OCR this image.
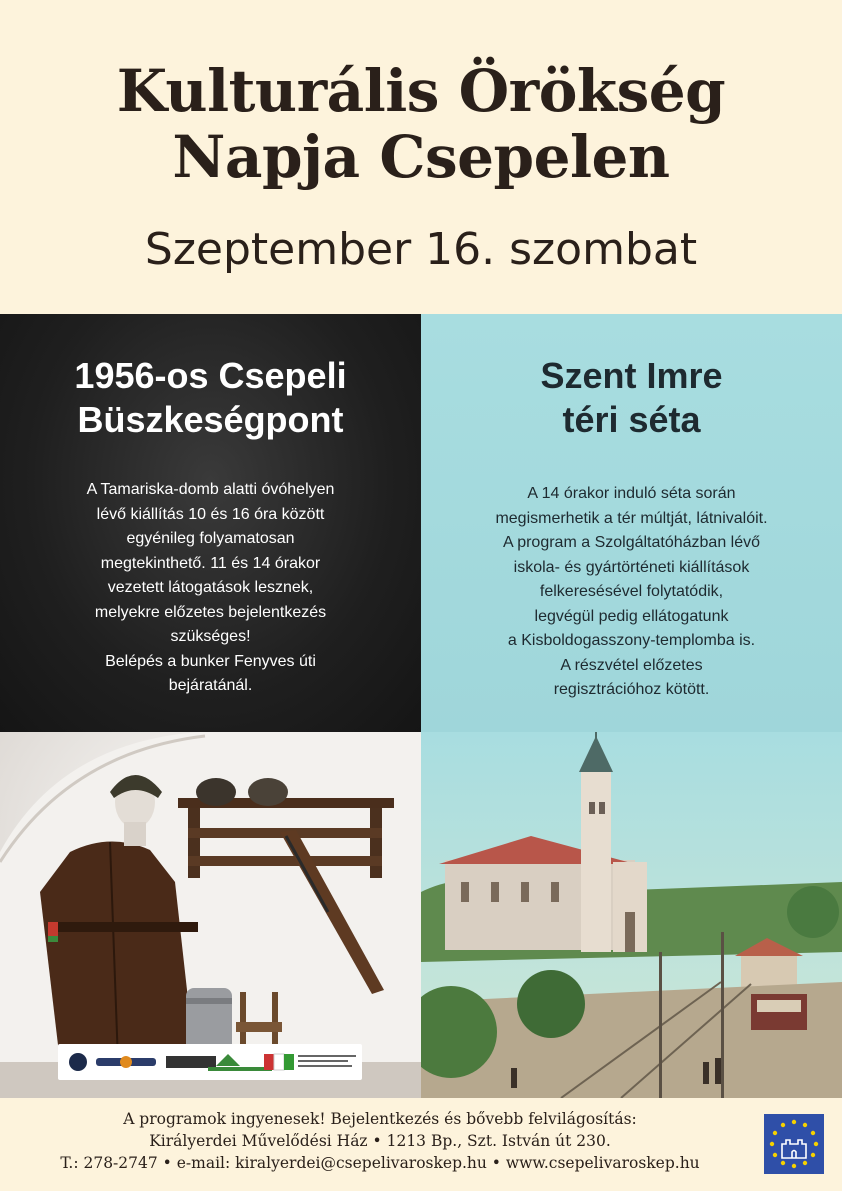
Kulturális Örökség
Napja Csepelen
Szeptember 16. szombat
1956-os Csepeli
Büszkeségpont
A Tamariska-domb alatti óvóhelyen
lévő kiállítás 10 és 16 óra között
egyénileg folyamatosan
megtekinthető. 11 és 14 órakor
vezetett látogatások lesznek,
melyekre előzetes bejelentkezés
szükséges!
Belépés a bunker Fenyves úti
bejáratánál.
Szent Imre
téri séta
A 14 órakor induló séta során
megismerhetik a tér múltját, látnivalóit.
A program a Szolgáltatóházban lévő
iskola- és gyártörténeti kiállítások
felkeresésével folytatódik,
legvégül pedig ellátogatunk
a Kisboldogasszony-templomba is.
A részvétel előzetes
regisztrációhoz kötött.
A programok ingyenesek! Bejelentkezés és bővebb felvilágosítás:
Királyerdei Művelődési Ház • 1213 Bp., Szt. István út 230.
T.: 278-2747 • e-mail: kiralyerdei@csepelivaroskep.hu • www.csepelivaroskep.hu
